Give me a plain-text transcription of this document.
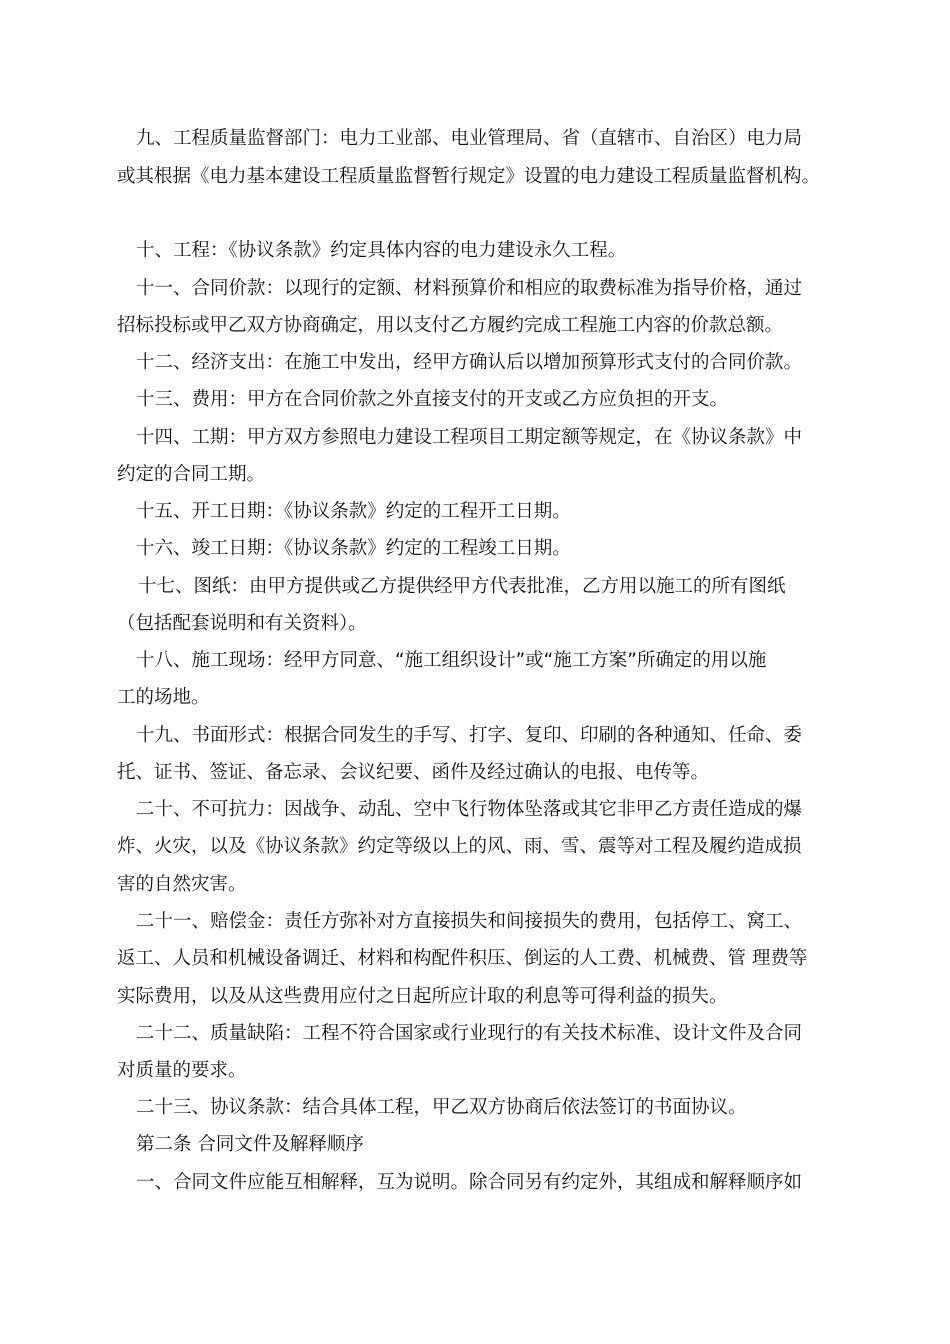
九、工程质量监督部门：电力工业部、电业管理局、省（直辖市、自治区）电力局
或其根据《电力基本建设工程质量监督暂行规定》设置的电力建设工程质量监督机构。
十、工程：《协议条款》约定具体内容的电力建设永久工程。
十一、合同价款：以现行的定额、材料预算价和相应的取费标准为指导价格，通过
招标投标或甲乙双方协商确定，用以支付乙方履约完成工程施工内容的价款总额。
十二、经济支出：在施工中发出，经甲方确认后以增加预算形式支付的合同价款。
十三、费用：甲方在合同价款之外直接支付的开支或乙方应负担的开支。
十四、工期：甲方双方参照电力建设工程项目工期定额等规定，在《协议条款》中
约定的合同工期。
十五、开工日期：《协议条款》约定的工程开工日期。
十六、竣工日期：《协议条款》约定的工程竣工日期。
十七、图纸：由甲方提供或乙方提供经甲方代表批准，乙方用以施工的所有图纸
（包括配套说明和有关资料）。
十八、施工现场：经甲方同意、“施工组织设计”或“施工方案”所确定的用以施
工的场地。
十九、书面形式：根据合同发生的手写、打字、复印、印刷的各种通知、任命、委
托、证书、签证、备忘录、会议纪要、函件及经过确认的电报、电传等。
二十、不可抗力：因战争、动乱、空中飞行物体坠落或其它非甲乙方责任造成的爆
炸、火灾，以及《协议条款》约定等级以上的风、雨、雪、震等对工程及履约造成损
害的自然灾害。
二十一、赔偿金：责任方弥补对方直接损失和间接损失的费用，包括停工、窝工、
返工、人员和机械设备调迁、材料和构配件积压、倒运的人工费、机械费、管 理费等
实际费用，以及从这些费用应付之日起所应计取的利息等可得利益的损失。
二十二、质量缺陷：工程不符合国家或行业现行的有关技术标准、设计文件及合同
对质量的要求。
二十三、协议条款：结合具体工程，甲乙双方协商后依法签订的书面协议。
第二条 合同文件及解释顺序
一、合同文件应能互相解释，互为说明。除合同另有约定外，其组成和解释顺序如
